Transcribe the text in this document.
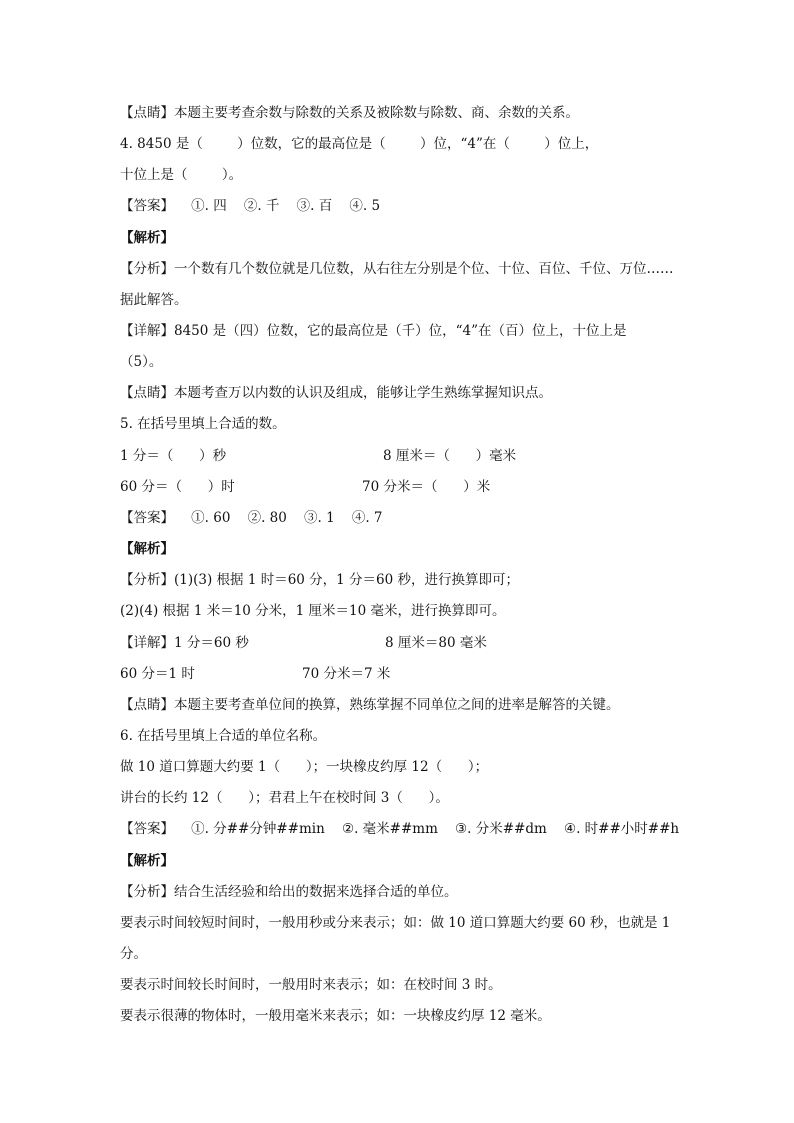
【点睛】本题主要考查余数与除数的关系及被除数与除数、商、余数的关系。
4. 8450 是（        ）位数，它的最高位是（        ）位，“4”在（        ）位上，
十位上是（        ）。
【答案】    ①. 四    ②. 千    ③. 百    ④. 5
【解析】
【分析】一个数有几个数位就是几位数，从右往左分别是个位、十位、百位、千位、万位……
据此解答。
【详解】8450 是（四）位数，它的最高位是（千）位，“4”在（百）位上，十位上是
（5）。
【点睛】本题考查万以内数的认识及组成，能够让学生熟练掌握知识点。
5. 在括号里填上合适的数。
1 分＝（      ）秒	8 厘米＝（      ）毫米
60 分＝（      ）时	70 分米＝（      ）米
【答案】    ①. 60    ②. 80    ③. 1    ④. 7
【解析】
【分析】(1)(3) 根据 1 时＝60 分，1 分＝60 秒，进行换算即可；
(2)(4) 根据 1 米＝10 分米，1 厘米＝10 毫米，进行换算即可。
【详解】1 分＝60 秒	8 厘米＝80 毫米
60 分＝1 时	70 分米＝7 米
【点睛】本题主要考查单位间的换算，熟练掌握不同单位之间的进率是解答的关键。
6. 在括号里填上合适的单位名称。
做 10 道口算题大约要 1（      ）；一块橡皮约厚 12（      ）；
讲台的长约 12（      ）；君君上午在校时间 3（      ）。
【答案】    ①. 分##分钟##min    ②. 毫米##mm    ③. 分米##dm    ④. 时##小时##h
【解析】
【分析】结合生活经验和给出的数据来选择合适的单位。
要表示时间较短时间时，一般用秒或分来表示；如：做 10 道口算题大约要 60 秒，也就是 1
分。
要表示时间较长时间时，一般用时来表示；如：在校时间 3 时。
要表示很薄的物体时，一般用毫米来表示；如：一块橡皮约厚 12 毫米。
